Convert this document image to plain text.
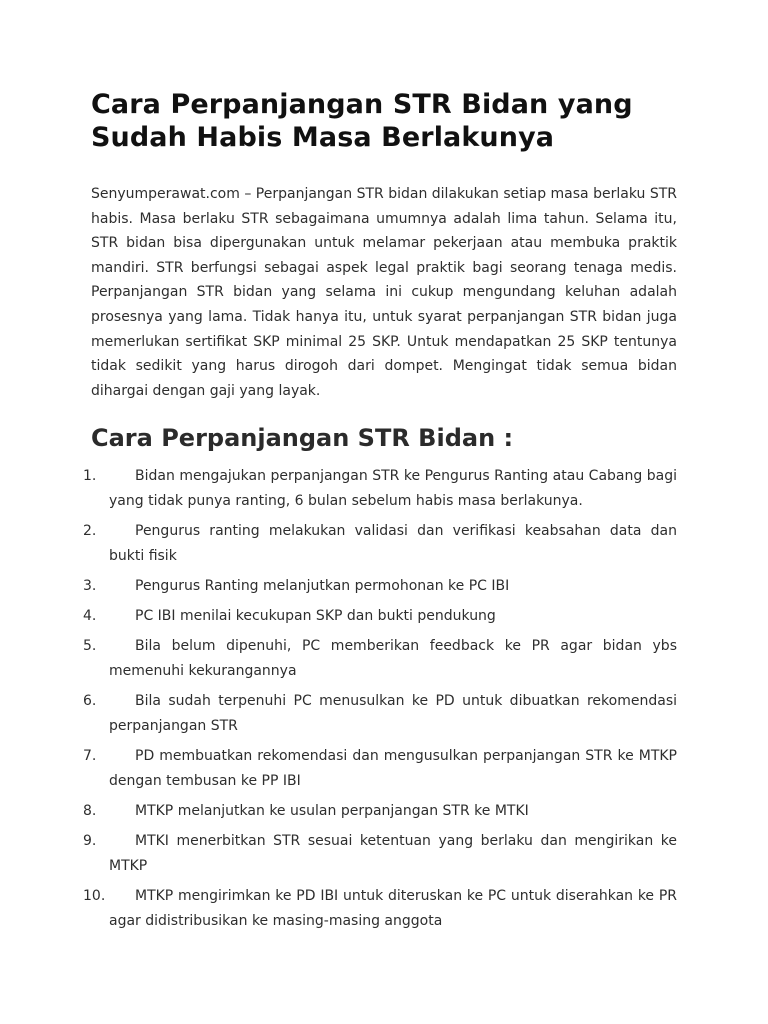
Cara Perpanjangan STR Bidan yang Sudah Habis Masa Berlakunya

Senyumperawat.com – Perpanjangan STR bidan dilakukan setiap masa berlaku STR habis. Masa berlaku STR sebagaimana umumnya adalah lima tahun. Selama itu, STR bidan bisa dipergunakan untuk melamar pekerjaan atau membuka praktik mandiri. STR berfungsi sebagai aspek legal praktik bagi seorang tenaga medis. Perpanjangan STR bidan yang selama ini cukup mengundang keluhan adalah prosesnya yang lama. Tidak hanya itu, untuk syarat perpanjangan STR bidan juga memerlukan sertifikat SKP minimal 25 SKP. Untuk mendapatkan 25 SKP tentunya tidak sedikit yang harus dirogoh dari dompet. Mengingat tidak semua bidan dihargai dengan gaji yang layak.

Cara Perpanjangan STR Bidan :
1.	Bidan mengajukan perpanjangan STR ke Pengurus Ranting atau Cabang bagi yang tidak punya ranting, 6 bulan sebelum habis masa berlakunya.
2.	Pengurus ranting melakukan validasi dan verifikasi keabsahan data dan bukti fisik
3.	Pengurus Ranting melanjutkan permohonan ke PC IBI
4.	PC IBI menilai kecukupan SKP dan bukti pendukung
5.	Bila belum dipenuhi, PC memberikan feedback ke PR agar bidan ybs memenuhi kekurangannya
6.	Bila sudah terpenuhi PC menusulkan ke PD untuk dibuatkan rekomendasi perpanjangan STR
7.	PD membuatkan rekomendasi dan mengusulkan perpanjangan STR ke MTKP dengan tembusan ke PP IBI
8.	MTKP melanjutkan ke usulan perpanjangan STR ke MTKI
9.	MTKI menerbitkan STR sesuai ketentuan yang berlaku dan mengirikan ke MTKP
10.	MTKP mengirimkan ke PD IBI untuk diteruskan ke PC untuk diserahkan ke PR agar didistribusikan ke masing-masing anggota
